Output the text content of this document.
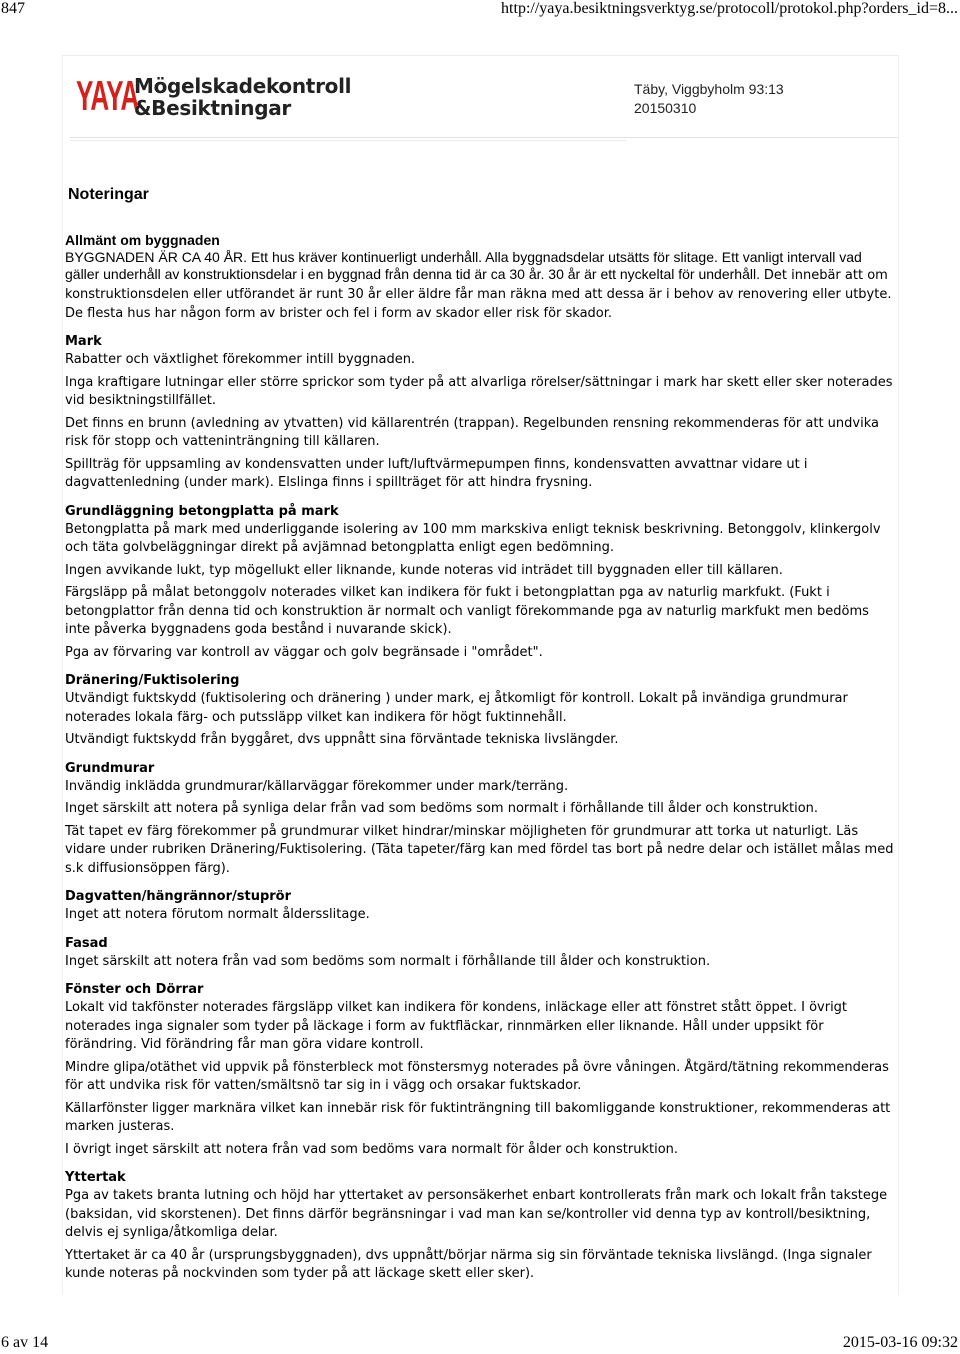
847	http://yaya.besiktningsverktyg.se/protocoll/protokol.php?orders_id=8...
YAYA
Mögelskadekontroll
&Besiktningar
Täby, Viggbyholm 93:13
20150310
Noteringar
Allmänt om byggnaden

BYGGNADEN ÄR CA 40 ÅR. Ett hus kräver kontinuerligt underhåll. Alla byggnadsdelar utsätts för slitage. Ett vanligt intervall vad gäller underhåll av konstruktionsdelar i en byggnad från denna tid är ca 30 år. 30 år är ett nyckeltal för underhåll. Det innebär att om konstruktionsdelen eller utförandet är runt 30 år eller äldre får man räkna med att dessa är i behov av renovering eller utbyte. De flesta hus har någon form av brister och fel i form av skador eller risk för skador.

Mark

Rabatter och växtlighet förekommer intill byggnaden.

Inga kraftigare lutningar eller större sprickor som tyder på att alvarliga rörelser/sättningar i mark har skett eller sker noterades vid besiktningstillfället.

Det finns en brunn (avledning av ytvatten) vid källarentrén (trappan). Regelbunden rensning rekommenderas för att undvika risk för stopp och vatteninträngning till källaren.

Spillträg för uppsamling av kondensvatten under luft/luftvärmepumpen finns, kondensvatten avvattnar vidare ut i dagvattenledning (under mark). Elslinga finns i spillträget för att hindra frysning.

Grundläggning betongplatta på mark

Betongplatta på mark med underliggande isolering av 100 mm markskiva enligt teknisk beskrivning. Betonggolv, klinkergolv och täta golvbeläggningar direkt på avjämnad betongplatta enligt egen bedömning.

Ingen avvikande lukt, typ mögellukt eller liknande, kunde noteras vid inträdet till byggnaden eller till källaren.

Färgsläpp på målat betonggolv noterades vilket kan indikera för fukt i betongplattan pga av naturlig markfukt. (Fukt i betongplattor från denna tid och konstruktion är normalt och vanligt förekommande pga av naturlig markfukt men bedöms inte påverka byggnadens goda bestånd i nuvarande skick).

Pga av förvaring var kontroll av väggar och golv begränsade i "området".

Dränering/Fuktisolering

Utvändigt fuktskydd (fuktisolering och dränering ) under mark, ej åtkomligt för kontroll. Lokalt på invändiga grundmurar noterades lokala färg- och putssläpp vilket kan indikera för högt fuktinnehåll.

Utvändigt fuktskydd från byggåret, dvs uppnått sina förväntade tekniska livslängder.

Grundmurar

Invändig inklädda grundmurar/källarväggar förekommer under mark/terräng.

Inget särskilt att notera på synliga delar från vad som bedöms som normalt i förhållande till ålder och konstruktion.

Tät tapet ev färg förekommer på grundmurar vilket hindrar/minskar möjligheten för grundmurar att torka ut naturligt. Läs vidare under rubriken Dränering/Fuktisolering. (Täta tapeter/färg kan med fördel tas bort på nedre delar och istället målas med s.k diffusionsöppen färg).

Dagvatten/hängrännor/stuprör

Inget att notera förutom normalt åldersslitage.

Fasad

Inget särskilt att notera från vad som bedöms som normalt i förhållande till ålder och konstruktion.

Fönster och Dörrar

Lokalt vid takfönster noterades färgsläpp vilket kan indikera för kondens, inläckage eller att fönstret stått öppet. I övrigt noterades inga signaler som tyder på läckage i form av fuktfläckar, rinnmärken eller liknande. Håll under uppsikt för förändring. Vid förändring får man göra vidare kontroll.

Mindre glipa/otäthet vid uppvik på fönsterbleck mot fönstersmyg noterades på övre våningen. Åtgärd/tätning rekommenderas för att undvika risk för vatten/smältsnö tar sig in i vägg och orsakar fuktskador.

Källarfönster ligger marknära vilket kan innebär risk för fuktinträngning till bakomliggande konstruktioner, rekommenderas att marken justeras.

I övrigt inget särskilt att notera från vad som bedöms vara normalt för ålder och konstruktion.

Yttertak

Pga av takets branta lutning och höjd har yttertaket av personsäkerhet enbart kontrollerats från mark och lokalt från takstege (baksidan, vid skorstenen). Det finns därför begränsningar i vad man kan se/kontroller vid denna typ av kontroll/besiktning, delvis ej synliga/åtkomliga delar.

Yttertaket är ca 40 år (ursprungsbyggnaden), dvs uppnått/börjar närma sig sin förväntade tekniska livslängd. (Inga signaler kunde noteras på nockvinden som tyder på att läckage skett eller sker).

6 av 14	2015-03-16 09:32
